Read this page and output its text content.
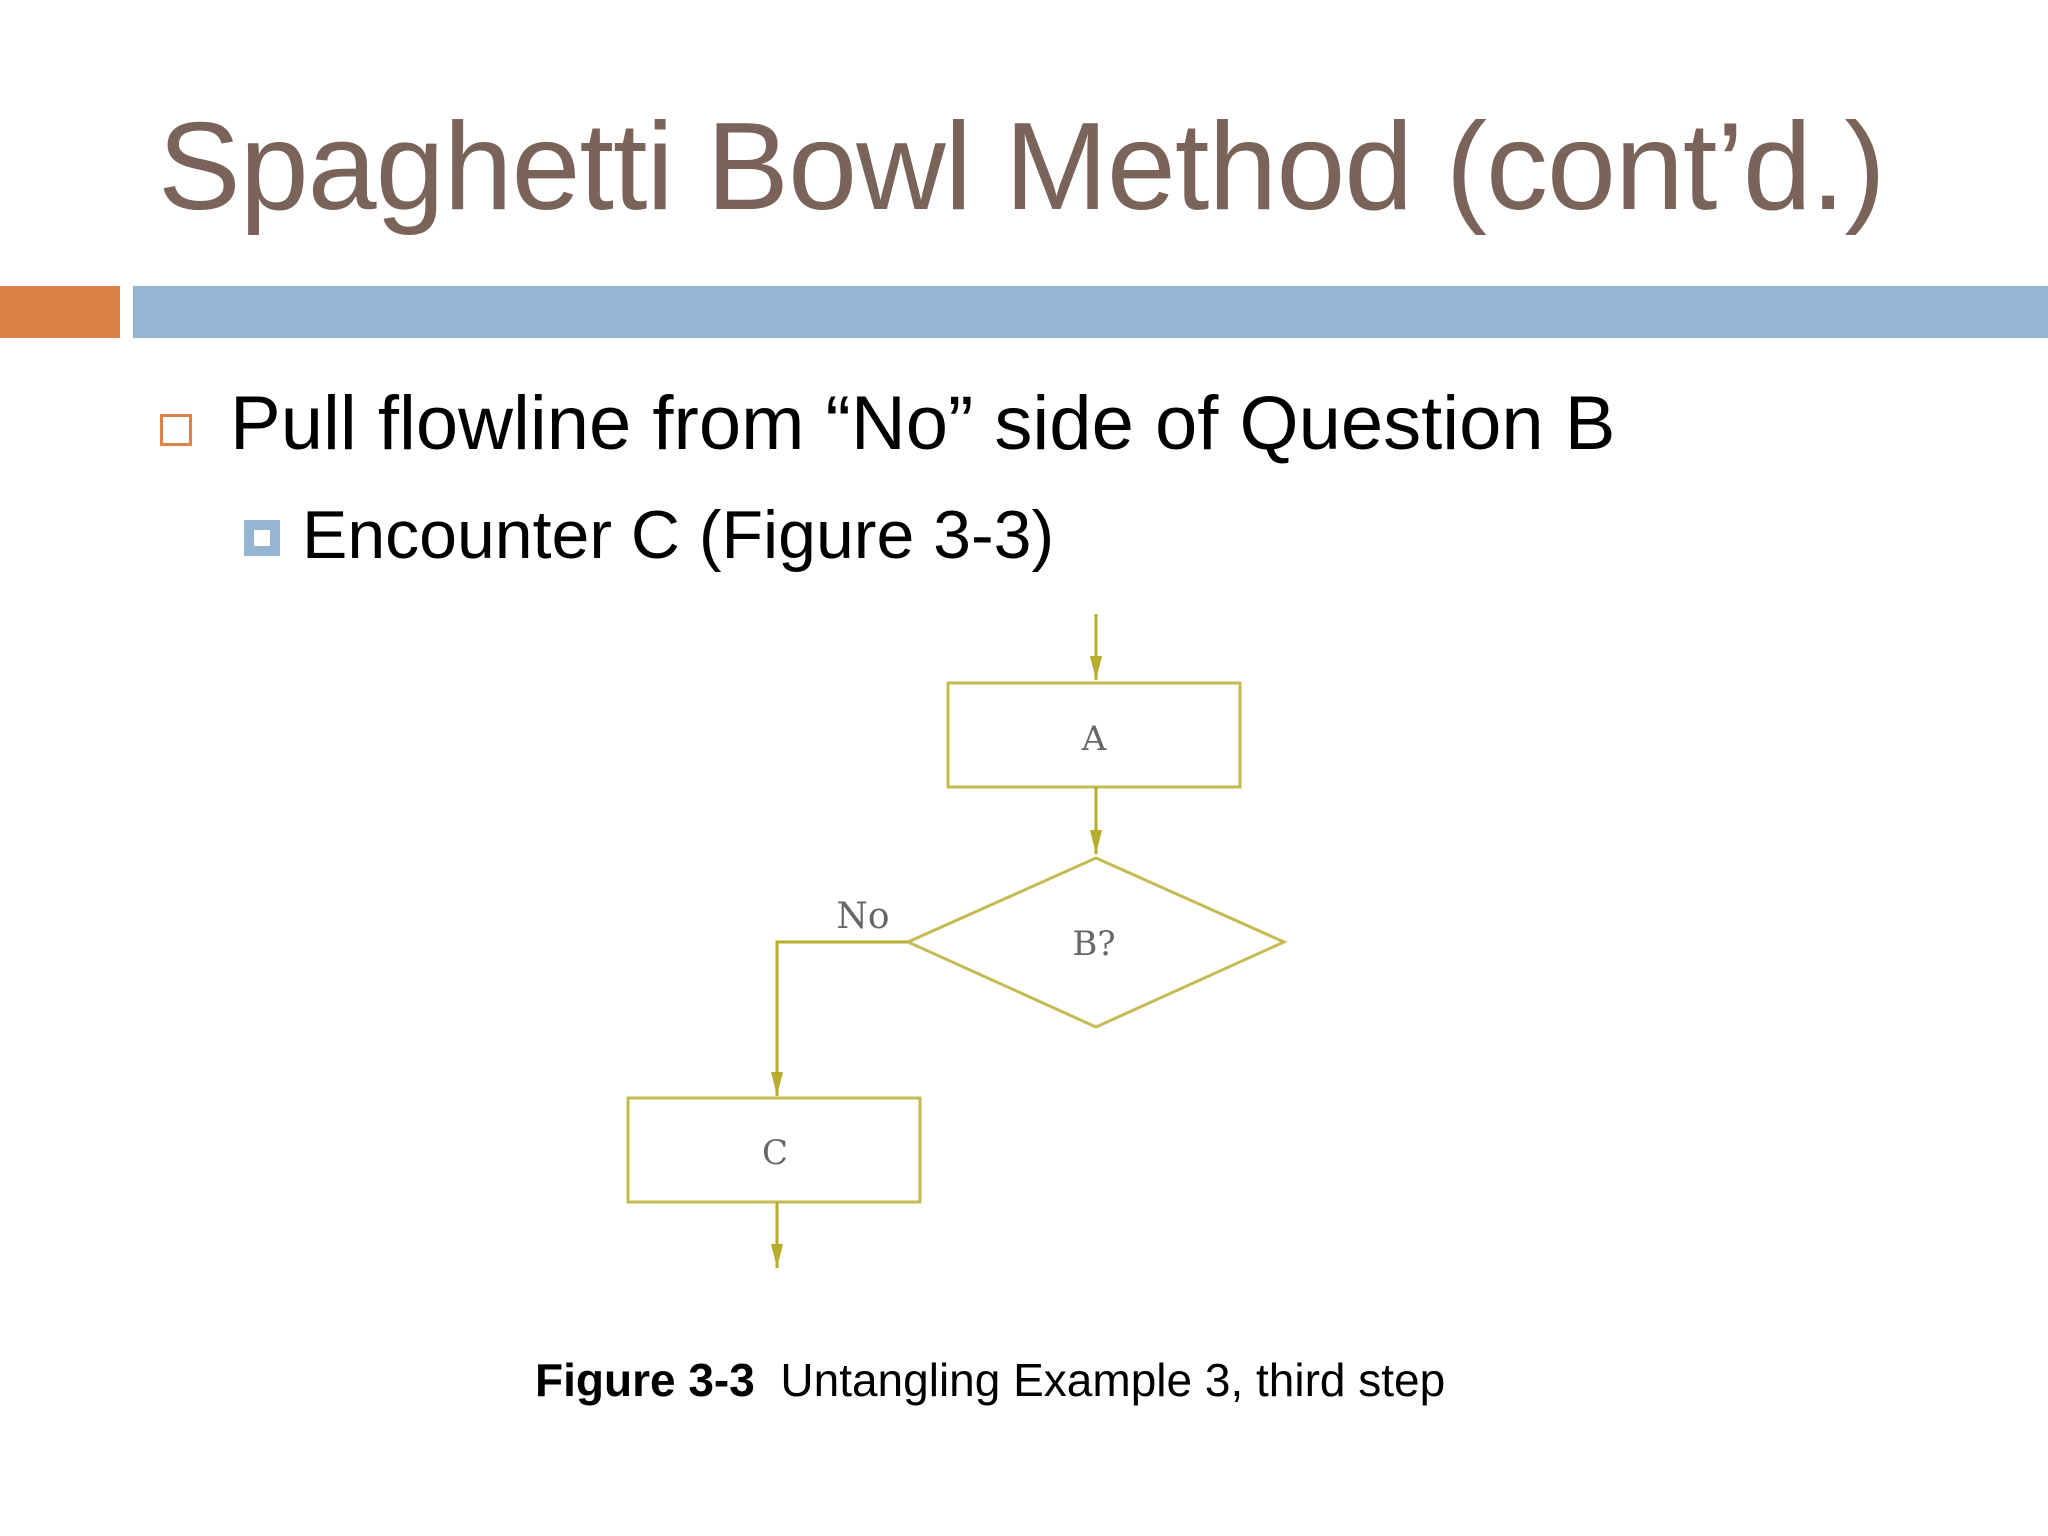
Spaghetti Bowl Method (cont’d.)
Pull flowline from “No” side of Question B
Encounter C (Figure 3-3)
A
B?
No
C
Figure 3-3 Untangling Example 3, third step
